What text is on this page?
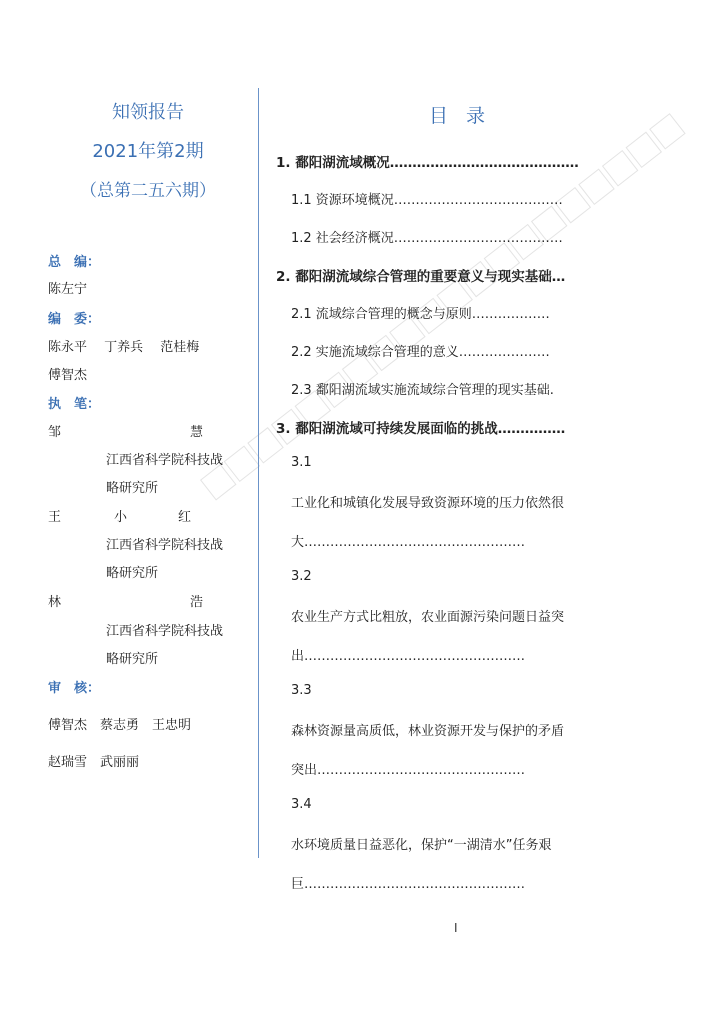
知领报告
2021年第2期
（总第二五六期）
总　编：
陈左宁
编　委：
陈永平　 丁养兵　 范桂梅
傅智杰
执　笔：
邹	慧
江西省科学院科技战
略研究所
王	小	红
江西省科学院科技战
略研究所
林	浩
江西省科学院科技战
略研究所
审　核：
傅智杰　蔡志勇　王忠明
赵瑞雪　武丽丽
目 录
1. 鄱阳湖流域概况……………………………………
1.1 资源环境概况…………………………………
1.2 社会经济概况…………………………………
2. 鄱阳湖流域综合管理的重要意义与现实基础…
2.1 流域综合管理的概念与原则………………
2.2 实施流域综合管理的意义…………………
2.3 鄱阳湖流域实施流域综合管理的现实基础.
3. 鄱阳湖流域可持续发展面临的挑战……………
3.1
工业化和城镇化发展导致资源环境的压力依然很
大……………………………………………
3.2
农业生产方式比粗放，农业面源污染问题日益突
出……………………………………………
3.3
森林资源量高质低，林业资源开发与保护的矛盾
突出…………………………………………
3.4
水环境质量日益恶化，保护“一湖清水”任务艰
巨……………………………………………
I
